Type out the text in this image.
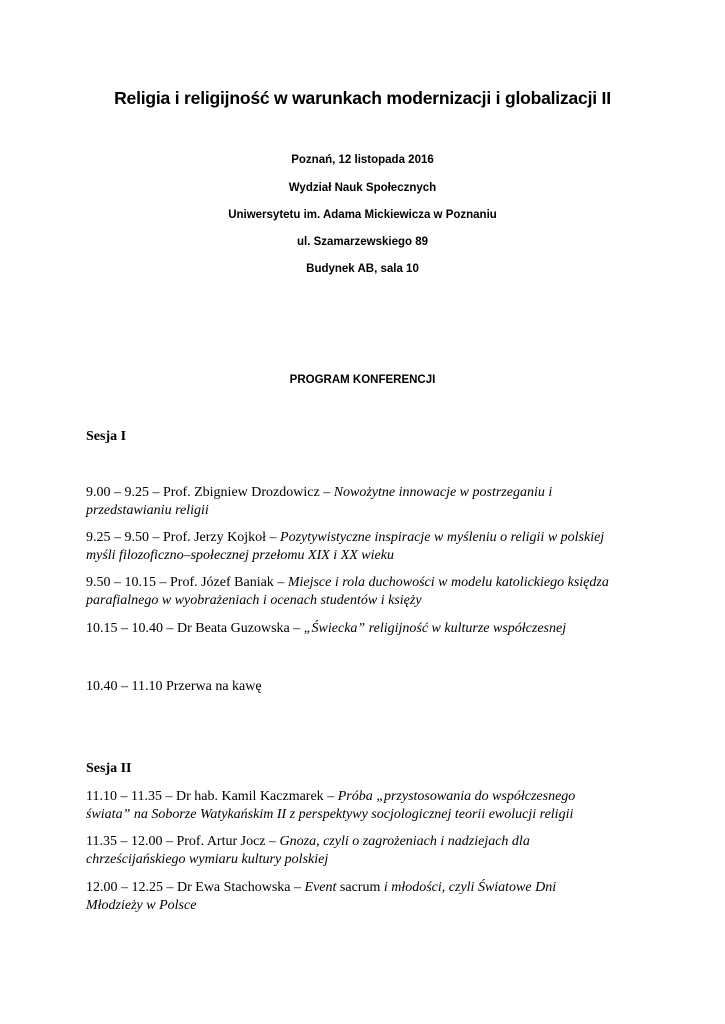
Religia i religijność w warunkach modernizacji i globalizacji II
Poznań, 12 listopada 2016
Wydział Nauk Społecznych
Uniwersytetu im. Adama Mickiewicza w Poznaniu
ul. Szamarzewskiego 89
Budynek AB, sala 10
PROGRAM KONFERENCJI
Sesja I
9.00 – 9.25 – Prof. Zbigniew Drozdowicz – Nowożytne innowacje w postrzeganiu i
przedstawianiu religii
9.25 – 9.50 – Prof. Jerzy Kojkoł – Pozytywistyczne inspiracje w myśleniu o religii w polskiej
myśli filozoficzno–społecznej przełomu XIX i XX wieku
9.50 – 10.15 – Prof. Józef Baniak – Miejsce i rola duchowości w modelu katolickiego księdza
parafialnego w wyobrażeniach i ocenach studentów i księży
10.15 – 10.40 – Dr Beata Guzowska – „Świecka” religijność w kulturze współczesnej
10.40 – 11.10 Przerwa na kawę
Sesja II
11.10 – 11.35 – Dr hab. Kamil Kaczmarek – Próba „przystosowania do współczesnego
świata” na Soborze Watykańskim II z perspektywy socjologicznej teorii ewolucji religii
11.35 – 12.00 – Prof. Artur Jocz – Gnoza, czyli o zagrożeniach i nadziejach dla
chrześcijańskiego wymiaru kultury polskiej
12.00 – 12.25 – Dr Ewa Stachowska – Event sacrum i młodości, czyli Światowe Dni
Młodzieży w Polsce
